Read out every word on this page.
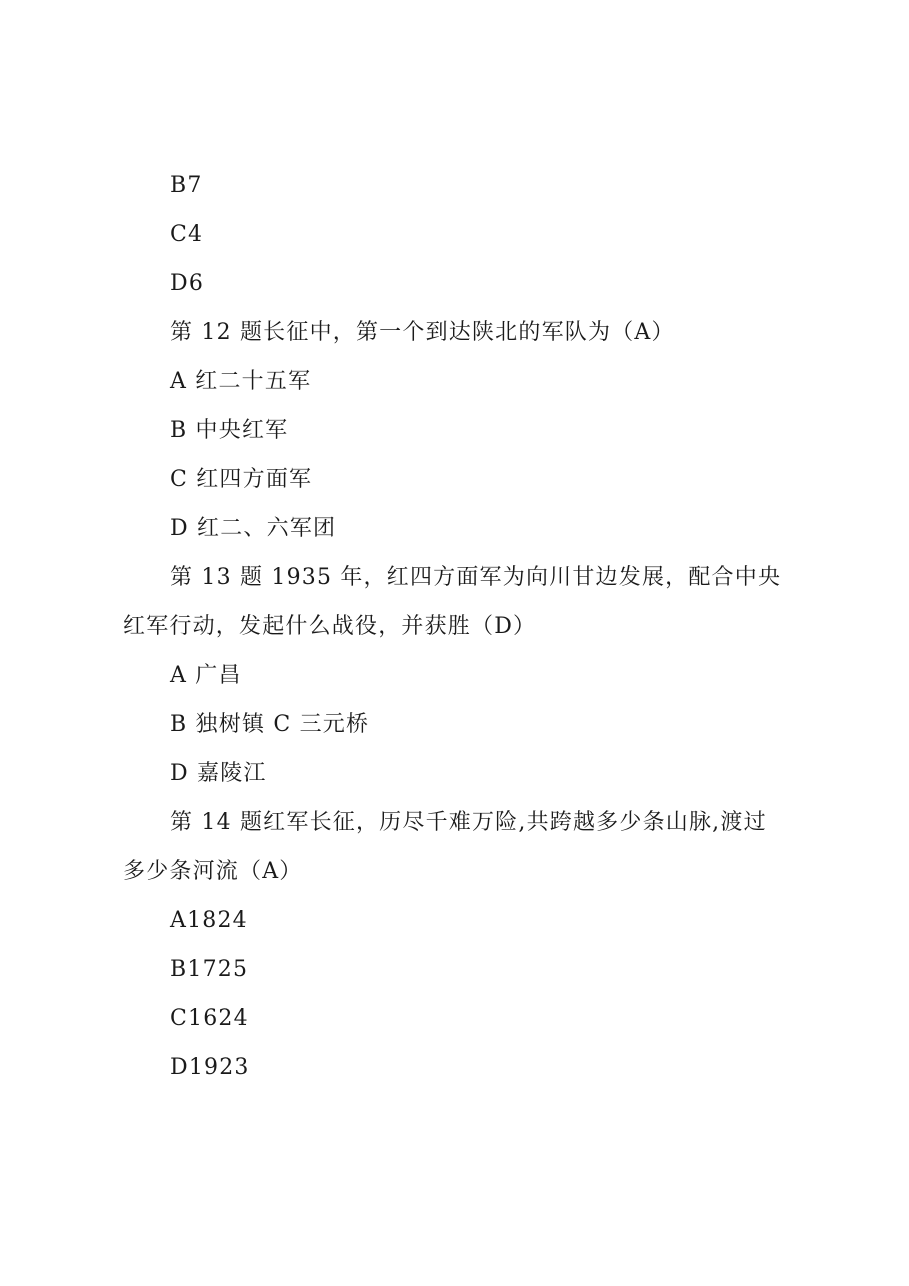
B7
C4
D6
第 12 题长征中，第一个到达陕北的军队为（A）
A 红二十五军
B 中央红军
C 红四方面军
D 红二、六军团
第 13 题 1935 年，红四方面军为向川甘边发展，配合中央
红军行动，发起什么战役，并获胜（D）
A 广昌
B 独树镇 C 三元桥
D 嘉陵江
第 14 题红军长征，历尽千难万险,共跨越多少条山脉,渡过
多少条河流（A）
A1824
B1725
C1624
D1923
